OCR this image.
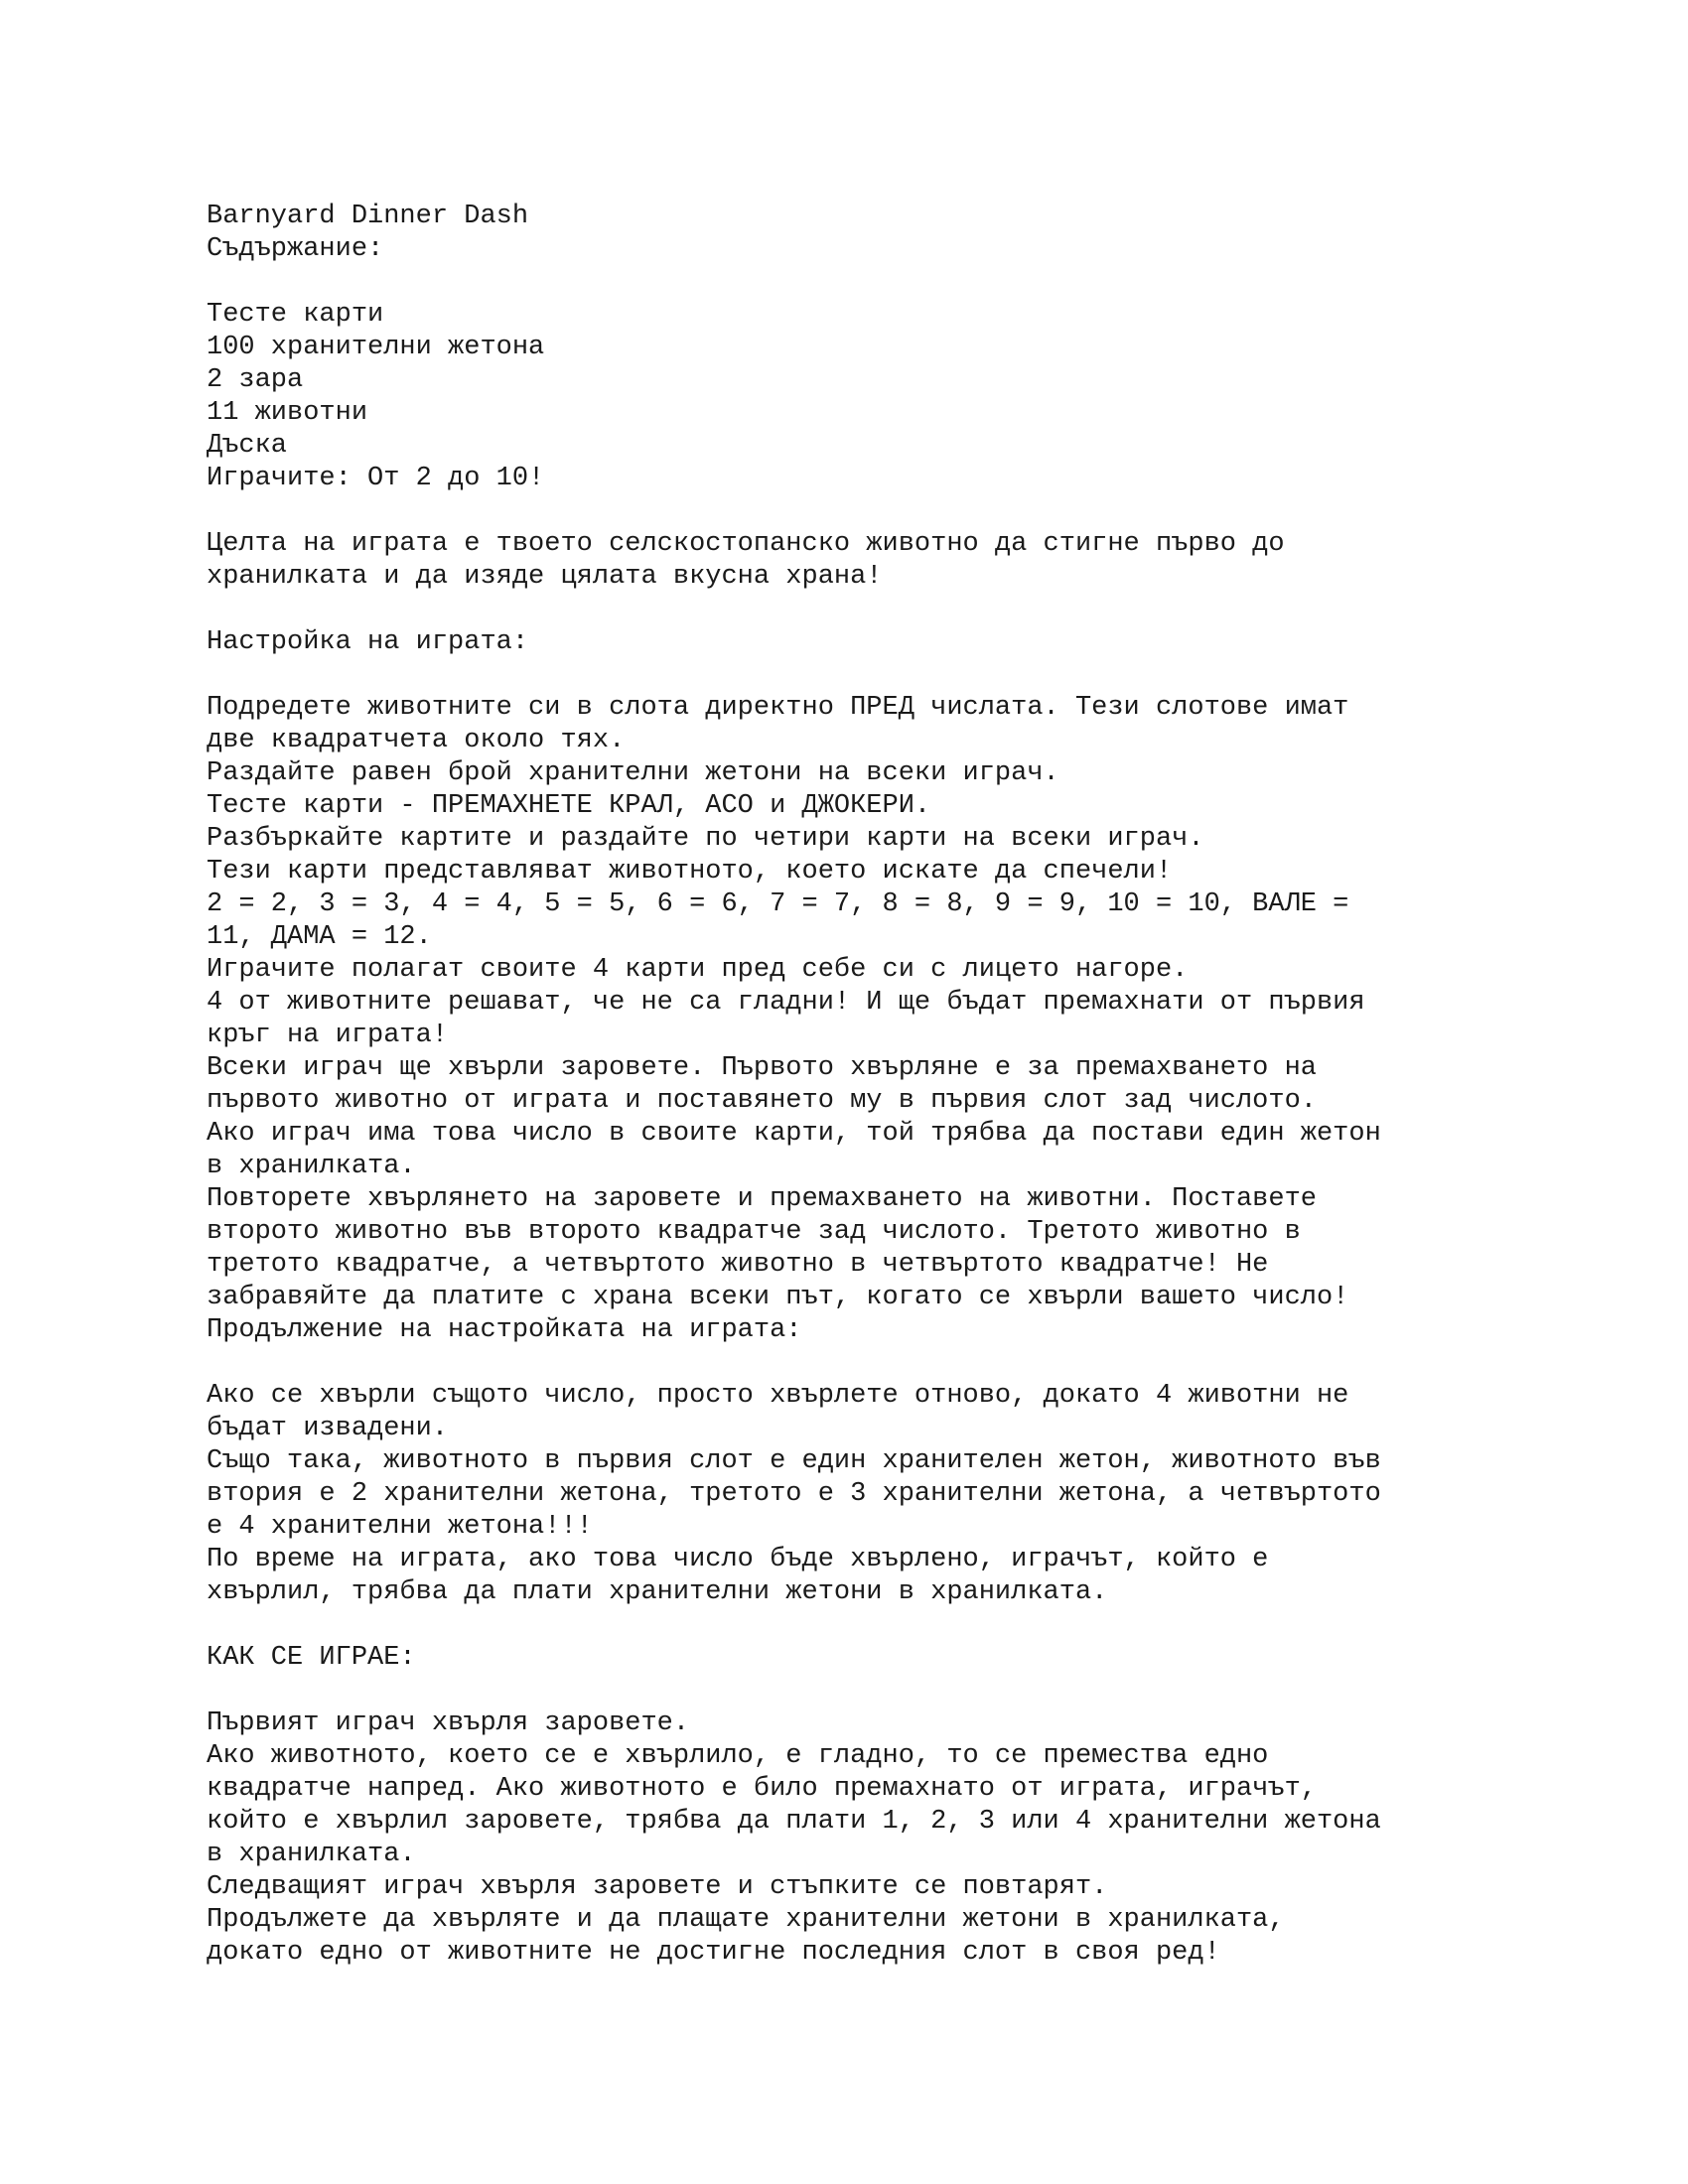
Barnyard Dinner Dash
Съдържание:
Тесте карти
100 хранителни жетона
2 зара
11 животни
Дъска
Играчите: От 2 до 10!
Целта на играта е твоето селскостопанско животно да стигне първо до
хранилката и да изяде цялата вкусна храна!
Настройка на играта:
Подредете животните си в слота директно ПРЕД числата. Тези слотове имат
две квадратчета около тях.
Раздайте равен брой хранителни жетони на всеки играч.
Тесте карти - ПРЕМАХНЕТЕ КРАЛ, АСО и ДЖОКЕРИ.
Разбъркайте картите и раздайте по четири карти на всеки играч.
Тези карти представляват животното, което искате да спечели!
2 = 2, 3 = 3, 4 = 4, 5 = 5, 6 = 6, 7 = 7, 8 = 8, 9 = 9, 10 = 10, ВАЛЕ =
11, ДАМА = 12.
Играчите полагат своите 4 карти пред себе си с лицето нагоре.
4 от животните решават, че не са гладни! И ще бъдат премахнати от първия
кръг на играта!
Всеки играч ще хвърли заровете. Първото хвърляне е за премахването на
първото животно от играта и поставянето му в първия слот зад числото.
Ако играч има това число в своите карти, той трябва да постави един жетон
в хранилката.
Повторете хвърлянето на заровете и премахването на животни. Поставете
второто животно във второто квадратче зад числото. Третото животно в
третото квадратче, а четвъртото животно в четвъртото квадратче! Не
забравяйте да платите с храна всеки път, когато се хвърли вашето число!
Продължение на настройката на играта:
Ако се хвърли същото число, просто хвърлете отново, докато 4 животни не
бъдат извадени.
Също така, животното в първия слот е един хранителен жетон, животното във
втория е 2 хранителни жетона, третото е 3 хранителни жетона, а четвъртото
е 4 хранителни жетона!!!
По време на играта, ако това число бъде хвърлено, играчът, който е
хвърлил, трябва да плати хранителни жетони в хранилката.
КАК СЕ ИГРАЕ:
Първият играч хвърля заровете.
Ако животното, което се е хвърлило, е гладно, то се премества едно
квадратче напред. Ако животното е било премахнато от играта, играчът,
който е хвърлил заровете, трябва да плати 1, 2, 3 или 4 хранителни жетона
в хранилката.
Следващият играч хвърля заровете и стъпките се повтарят.
Продължете да хвърляте и да плащате хранителни жетони в хранилката,
докато едно от животните не достигне последния слот в своя ред!
